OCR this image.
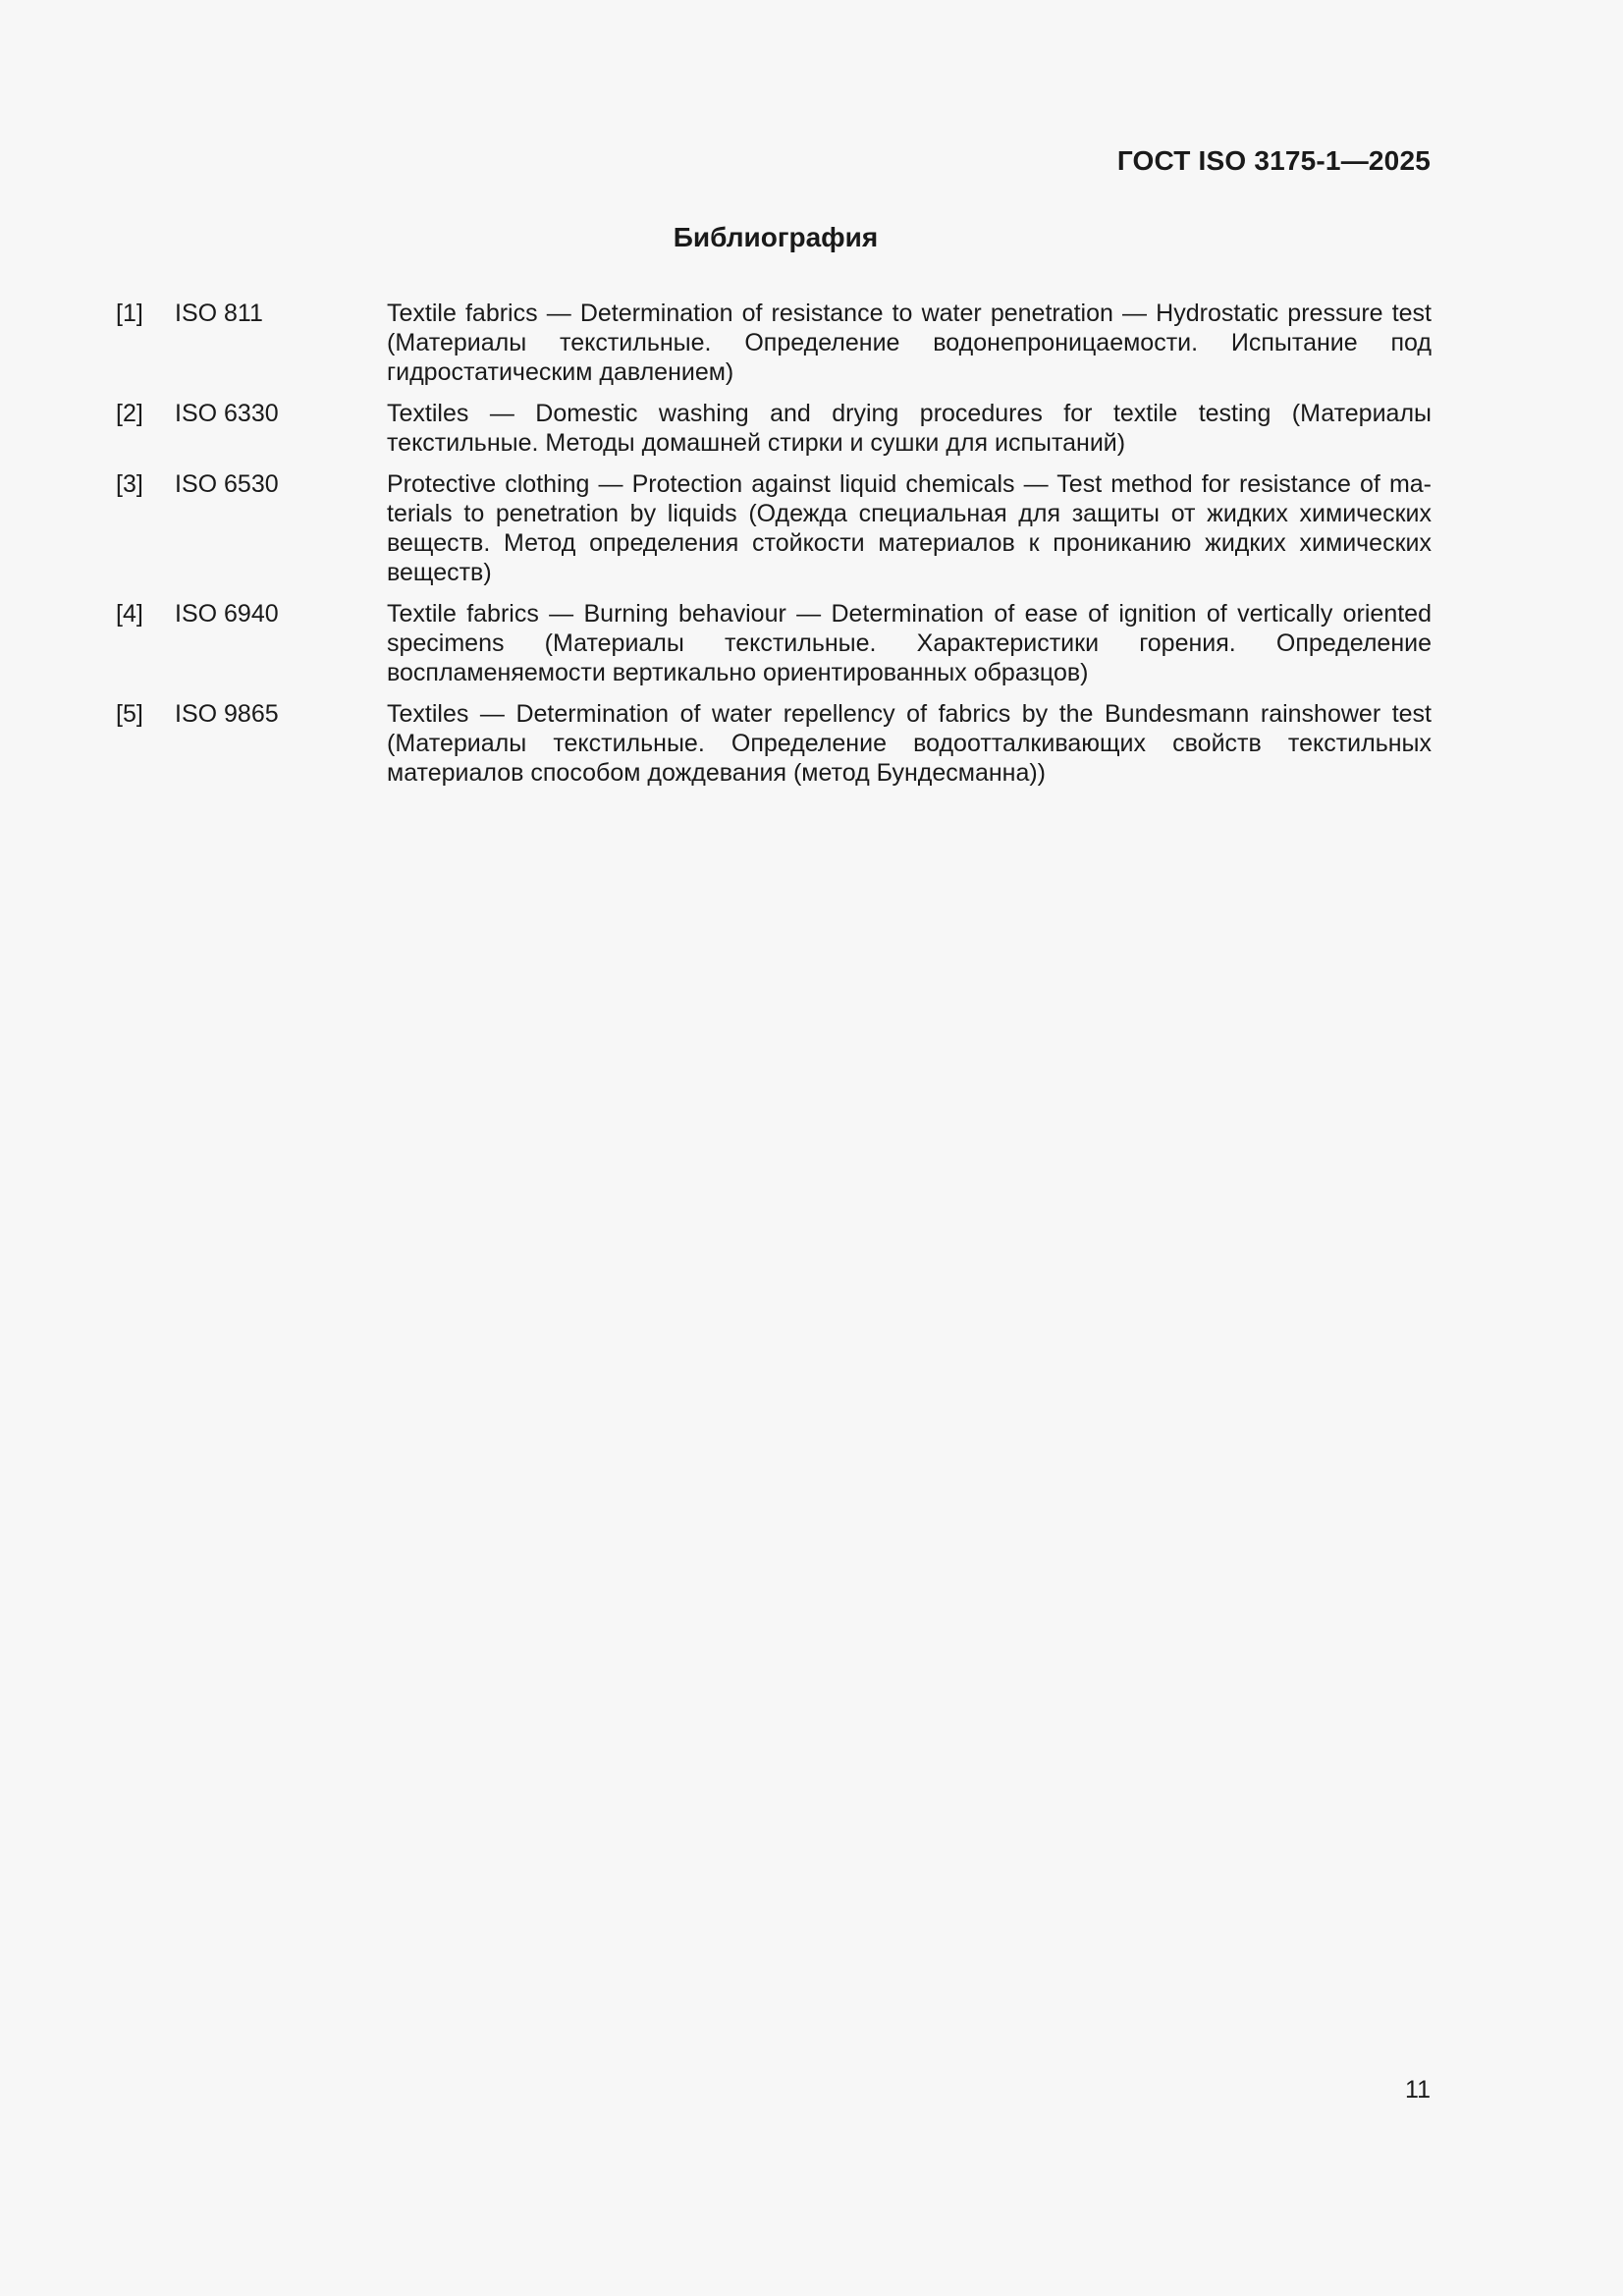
ГОСТ ISO 3175-1—2025
Библиография
[1]	ISO 811	Textile fabrics — Determination of resistance to water penetration — Hydrostatic pressure test (Материалы текстильные. Определение водонепроницаемости. Испытание под гидростатическим давлением)
[2]	ISO 6330	Textiles — Domestic washing and drying procedures for textile testing (Материалы текстильные. Методы домашней стирки и сушки для испытаний)
[3]	ISO 6530	Protective clothing — Protection against liquid chemicals — Test method for resistance of materials to penetration by liquids (Одежда специальная для защиты от жидких химических веществ. Метод определения стойкости материалов к прониканию жидких химических веществ)
[4]	ISO 6940	Textile fabrics — Burning behaviour — Determination of ease of ignition of vertically oriented specimens (Материалы текстильные. Характеристики горения. Определение воспламеняемости вертикально ориентированных образцов)
[5]	ISO 9865	Textiles — Determination of water repellency of fabrics by the Bundesmann rainshower test (Материалы текстильные. Определение водоотталкивающих свойств текстильных материалов способом дождевания (метод Бундесманна))
11
